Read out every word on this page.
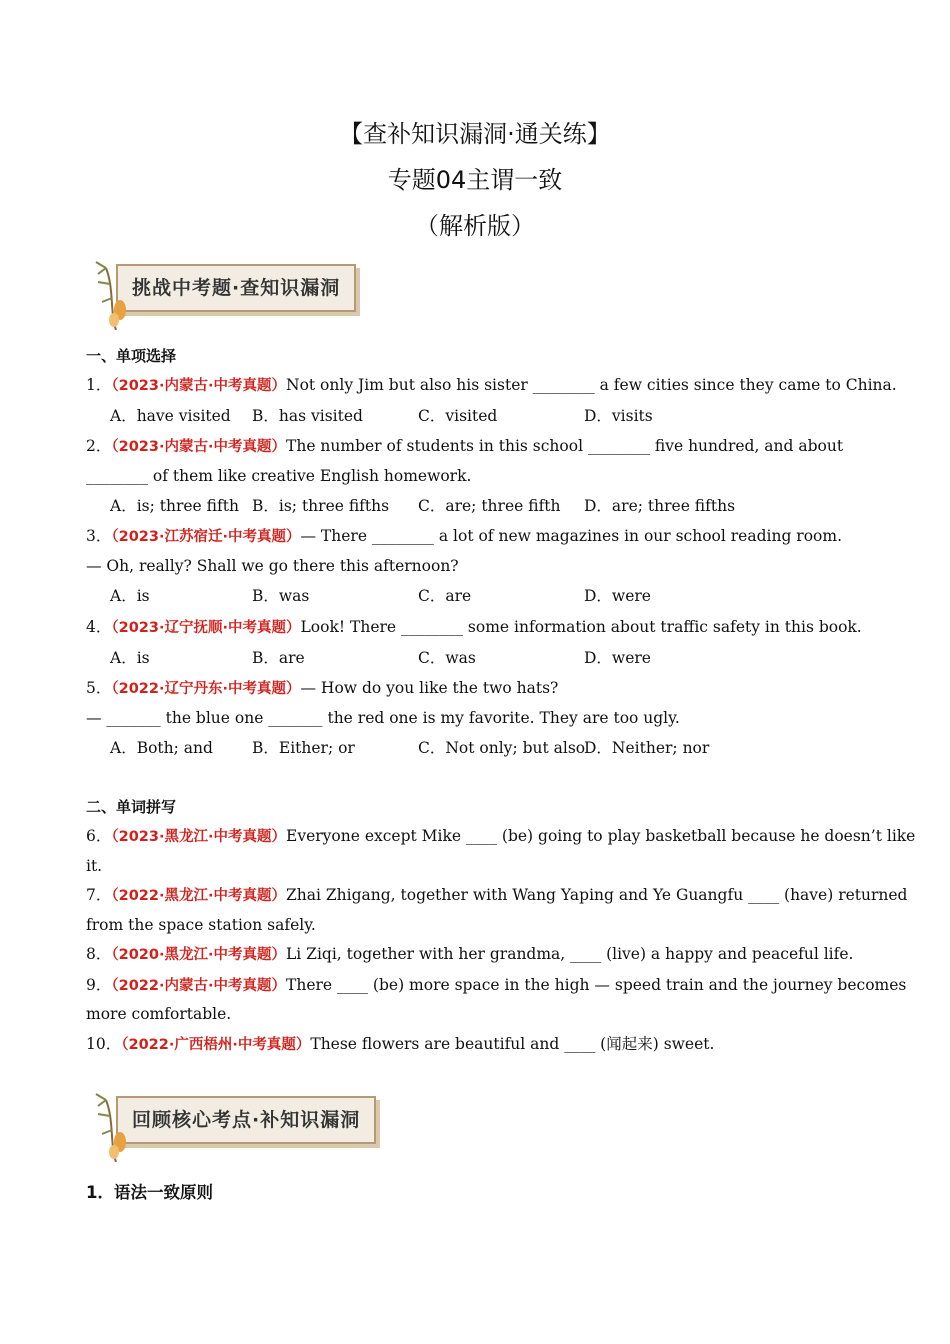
【查补知识漏洞·通关练】
专题04主谓一致
（解析版）
挑战中考题·查知识漏洞
一、单项选择
1．（2023·内蒙古·中考真题）Not only Jim but also his sister ________ a few cities since they came to China.
A．have visited B．has visited	C．visited	D．visits
2．（2023·内蒙古·中考真题）The number of students in this school ________ five hundred, and about
________ of them like creative English homework.
A．is; three fifth B．is; three fifths C．are; three fifth D．are; three fifths
3．（2023·江苏宿迁·中考真题）— There ________ a lot of new magazines in our school reading room.
— Oh, really? Shall we go there this afternoon?
A．is	B．was	C．are	D．were
4．（2023·辽宁抚顺·中考真题）Look! There ________ some information about traffic safety in this book.
A．is	B．are	C．was	D．were
5．（2022·辽宁丹东·中考真题）— How do you like the two hats?
— _______ the blue one _______ the red one is my favorite. They are too ugly.
A．Both; and	B．Either; or	C．Not only; but also
D．Neither; nor
二、单词拼写
6．（2023·黑龙江·中考真题）Everyone except Mike ____ (be) going to play basketball because he doesn’t like
it.
7．（2022·黑龙江·中考真题）Zhai Zhigang, together with Wang Yaping and Ye Guangfu ____ (have) returned
from the space station safely.
8．（2020·黑龙江·中考真题）Li Ziqi, together with her grandma, ____ (live) a happy and peaceful life.
9．（2022·内蒙古·中考真题）There ____ (be) more space in the high — speed train and the journey becomes
more comfortable.
10．（2022·广西梧州·中考真题）These flowers are beautiful and ____ (闻起来) sweet.
回顾核心考点·补知识漏洞
1．语法一致原则
